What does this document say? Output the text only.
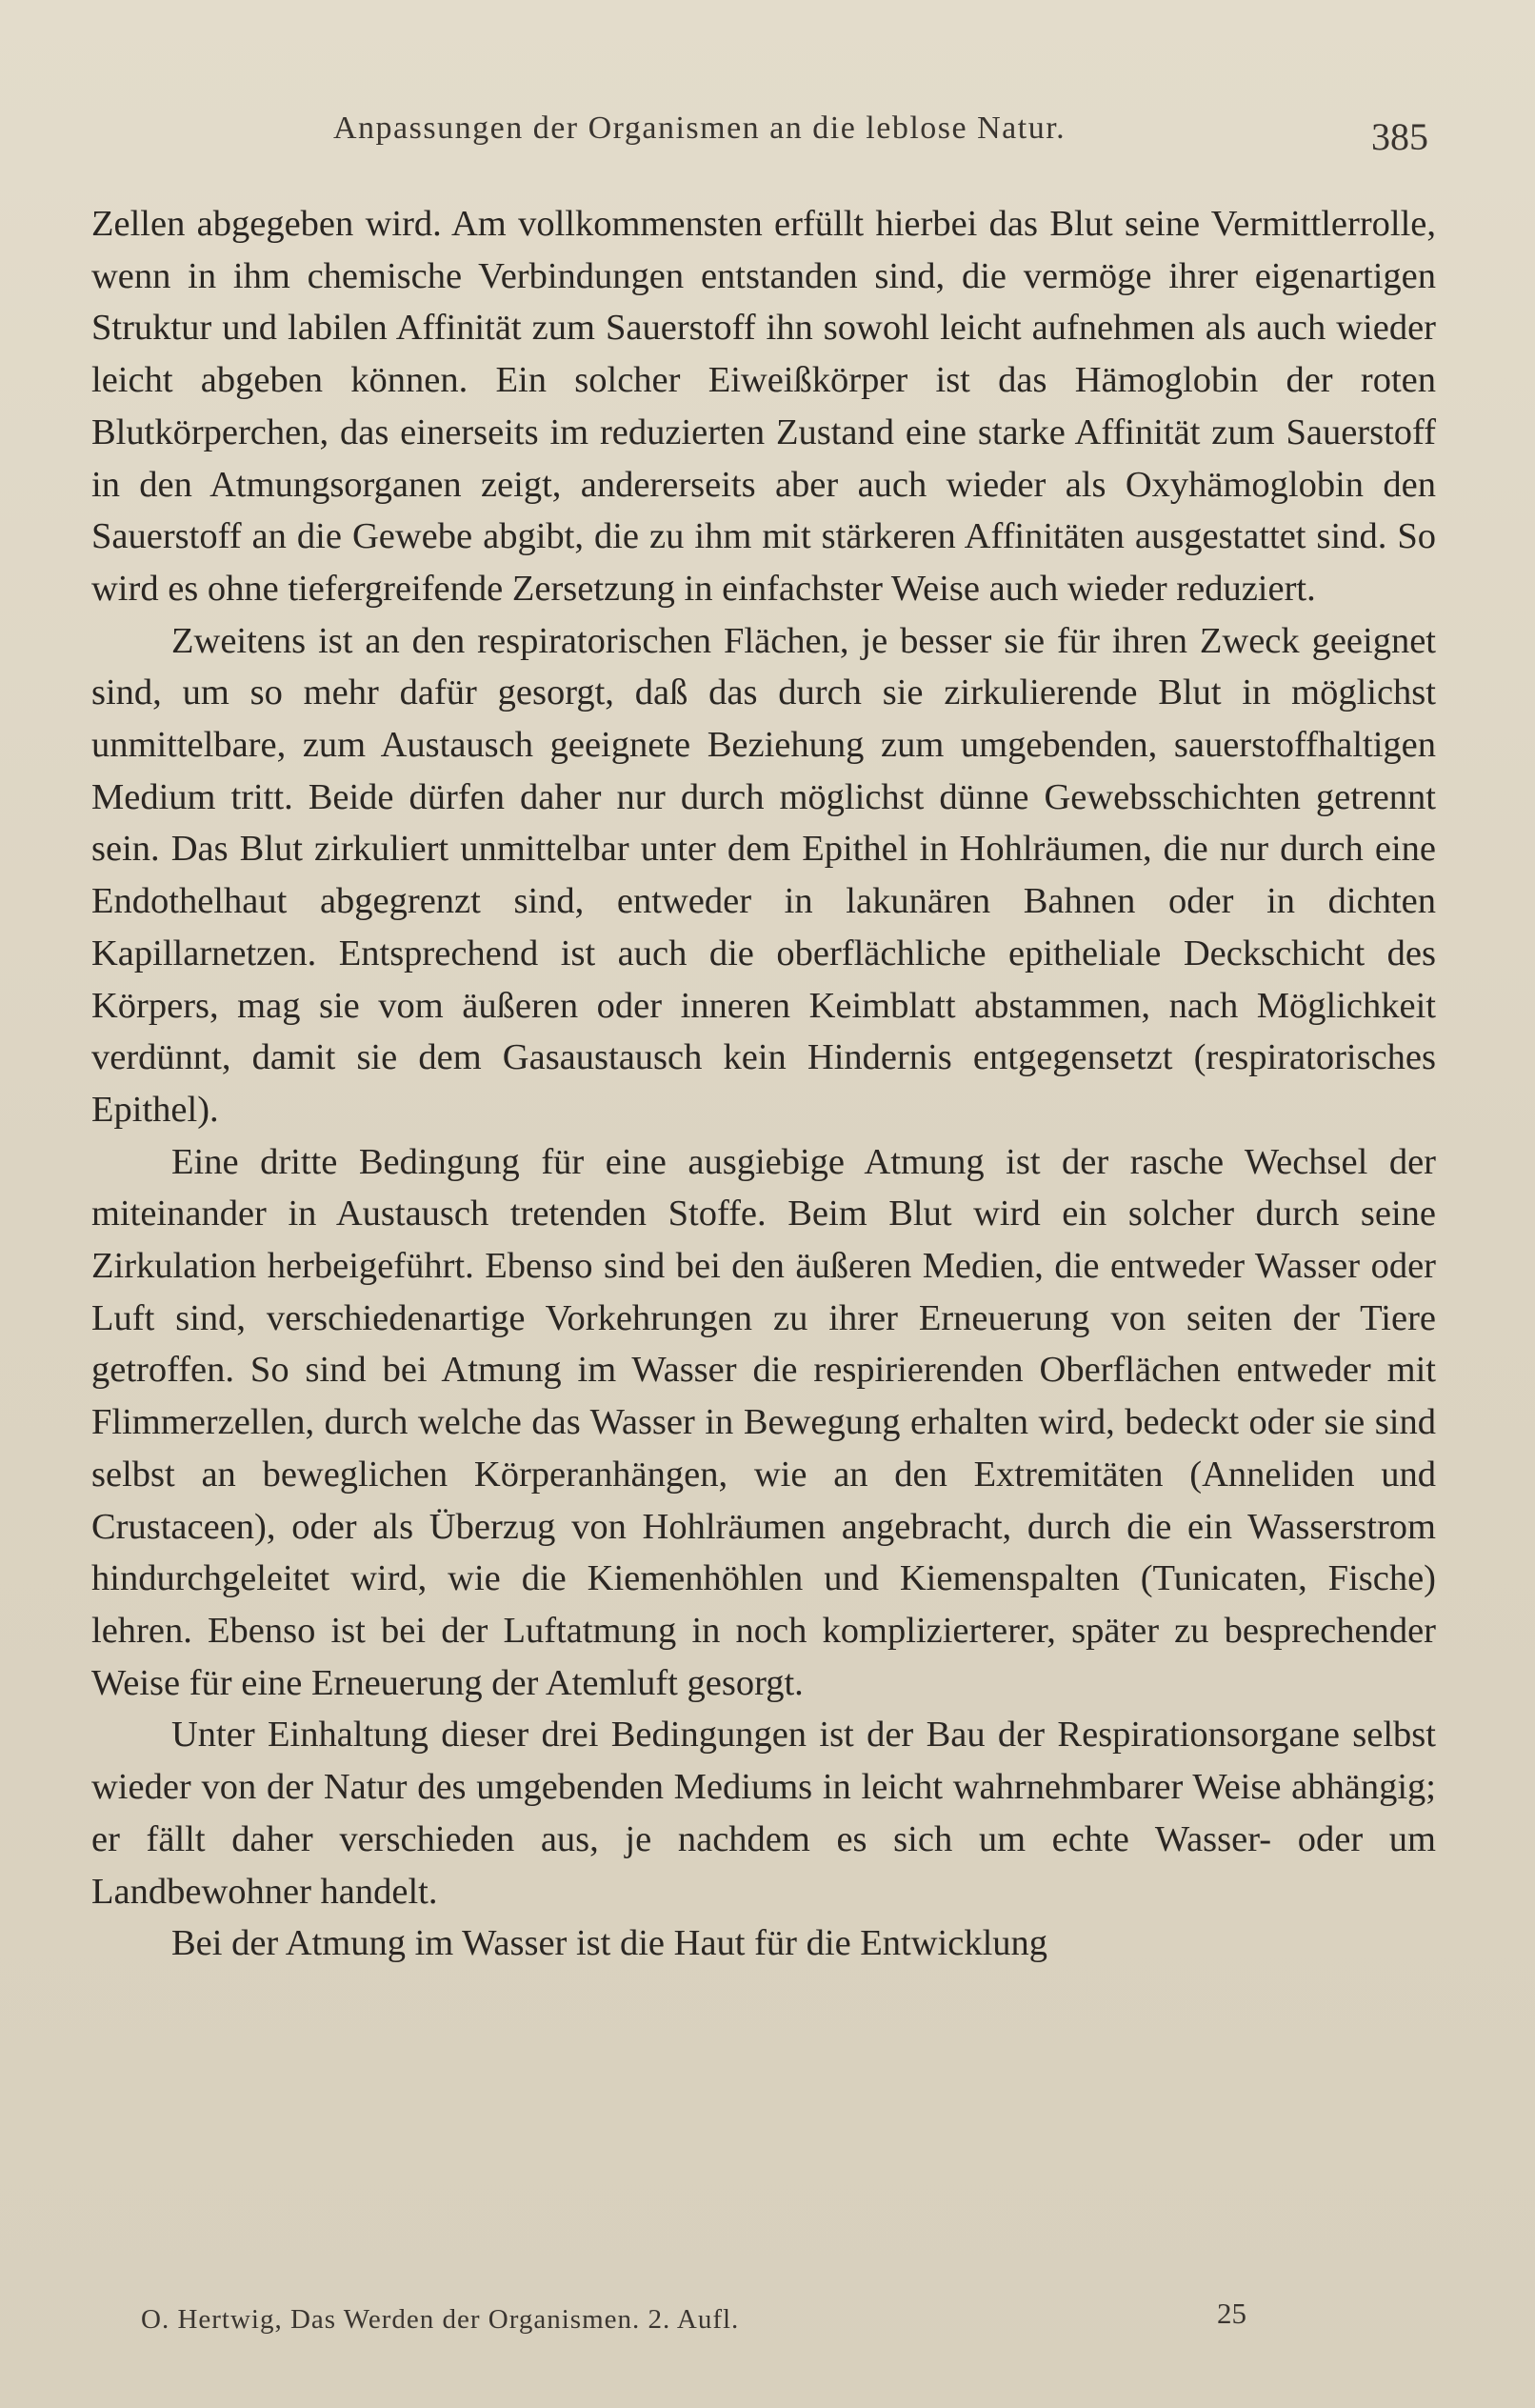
Anpassungen der Organismen an die leblose Natur.	385

Zellen abgegeben wird. Am vollkommensten erfüllt hierbei das Blut seine Vermittlerrolle, wenn in ihm chemische Verbindungen entstanden sind, die vermöge ihrer eigenartigen Struktur und labilen Affinität zum Sauerstoff ihn sowohl leicht aufnehmen als auch wieder leicht abgeben können. Ein solcher Eiweißkörper ist das Hämoglobin der roten Blutkörperchen, das einerseits im reduzierten Zustand eine starke Affinität zum Sauerstoff in den Atmungsorganen zeigt, andererseits aber auch wieder als Oxyhämoglobin den Sauerstoff an die Gewebe abgibt, die zu ihm mit stärkeren Affinitäten ausgestattet sind. So wird es ohne tiefergreifende Zersetzung in einfachster Weise auch wieder reduziert.

Zweitens ist an den respiratorischen Flächen, je besser sie für ihren Zweck geeignet sind, um so mehr dafür gesorgt, daß das durch sie zirkulierende Blut in möglichst unmittelbare, zum Austausch geeignete Beziehung zum umgebenden, sauerstoffhaltigen Medium tritt. Beide dürfen daher nur durch möglichst dünne Gewebsschichten getrennt sein. Das Blut zirkuliert unmittelbar unter dem Epithel in Hohlräumen, die nur durch eine Endothelhaut abgegrenzt sind, entweder in lakunären Bahnen oder in dichten Kapillarnetzen. Entsprechend ist auch die oberflächliche epitheliale Deckschicht des Körpers, mag sie vom äußeren oder inneren Keimblatt abstammen, nach Möglichkeit verdünnt, damit sie dem Gasaustausch kein Hindernis entgegensetzt (respiratorisches Epithel).

Eine dritte Bedingung für eine ausgiebige Atmung ist der rasche Wechsel der miteinander in Austausch tretenden Stoffe. Beim Blut wird ein solcher durch seine Zirkulation herbeigeführt. Ebenso sind bei den äußeren Medien, die entweder Wasser oder Luft sind, verschiedenartige Vorkehrungen zu ihrer Erneuerung von seiten der Tiere getroffen. So sind bei Atmung im Wasser die respirierenden Oberflächen entweder mit Flimmerzellen, durch welche das Wasser in Bewegung erhalten wird, bedeckt oder sie sind selbst an beweglichen Körperanhängen, wie an den Extremitäten (Anneliden und Crustaceen), oder als Überzug von Hohlräumen angebracht, durch die ein Wasserstrom hindurchgeleitet wird, wie die Kiemenhöhlen und Kiemenspalten (Tunicaten, Fische) lehren. Ebenso ist bei der Luftatmung in noch komplizierterer, später zu besprechender Weise für eine Erneuerung der Atemluft gesorgt.

Unter Einhaltung dieser drei Bedingungen ist der Bau der Respirationsorgane selbst wieder von der Natur des umgebenden Mediums in leicht wahrnehmbarer Weise abhängig; er fällt daher verschieden aus, je nachdem es sich um echte Wasser- oder um Landbewohner handelt.

Bei der Atmung im Wasser ist die Haut für die Entwicklung

O. Hertwig, Das Werden der Organismen. 2. Aufl.	25
